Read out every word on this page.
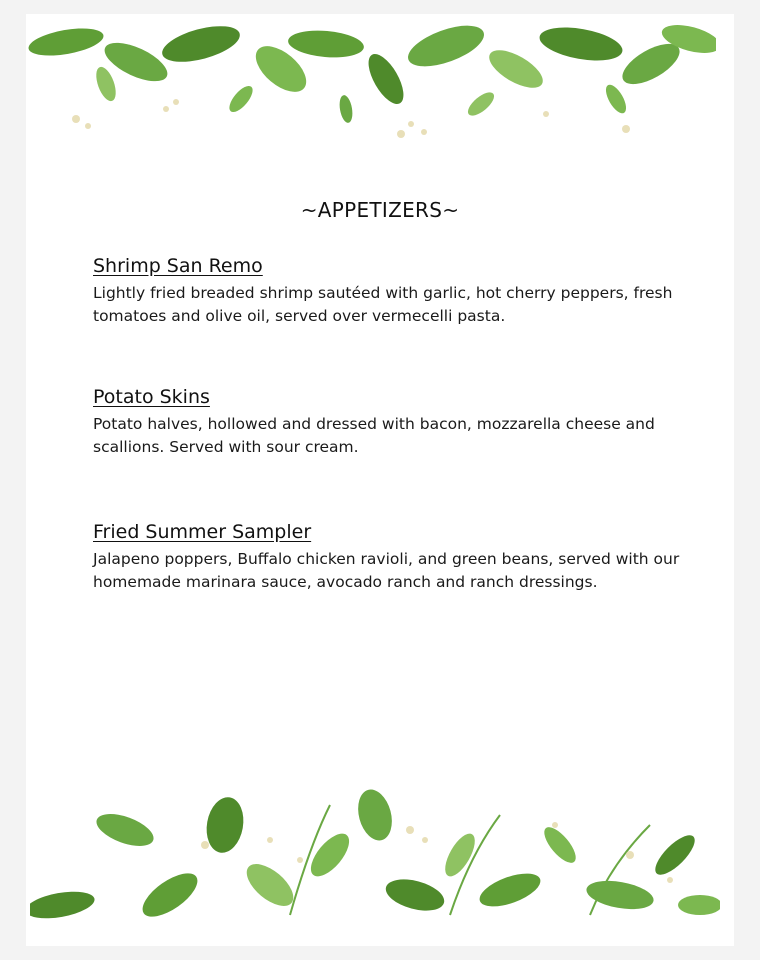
~APPETIZERS~

Shrimp San Remo

Lightly fried breaded shrimp sautéed with garlic, hot cherry peppers, fresh tomatoes and olive oil, served over vermecelli pasta.

Potato Skins

Potato halves, hollowed and dressed with bacon, mozzarella cheese and scallions. Served with sour cream.

Fried Summer Sampler

Jalapeno poppers, Buffalo chicken ravioli, and green beans, served with our homemade marinara sauce, avocado ranch and ranch dressings.
